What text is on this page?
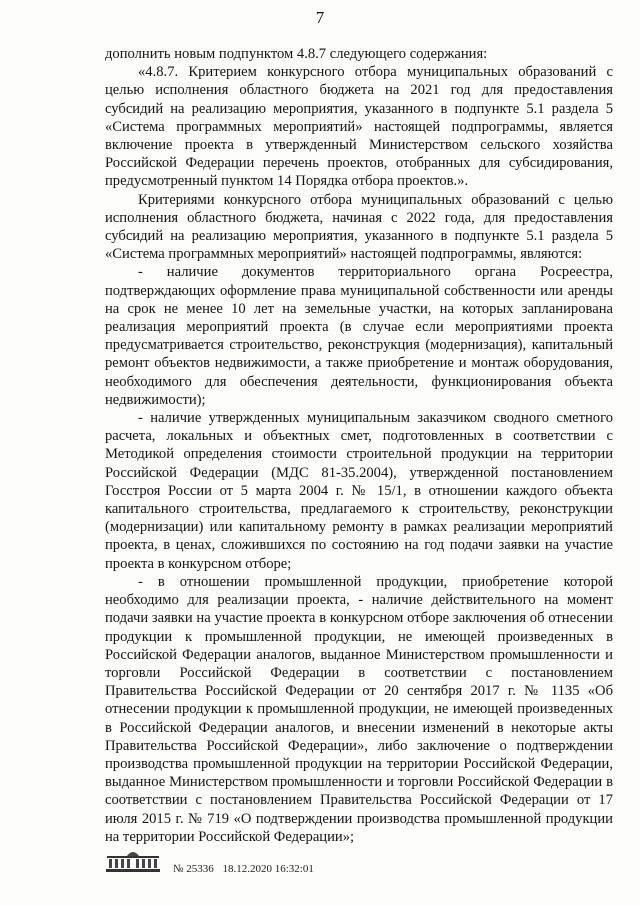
7

дополнить новым подпунктом 4.8.7 следующего содержания:

«4.8.7. Критерием конкурсного отбора муниципальных образований с целью исполнения областного бюджета на 2021 год для предоставления субсидий на реализацию мероприятия, указанного в подпункте 5.1 раздела 5 «Система программных мероприятий» настоящей подпрограммы, является включение проекта в утвержденный Министерством сельского хозяйства Российской Федерации перечень проектов, отобранных для субсидирования, предусмотренный пунктом 14 Порядка отбора проектов.».

Критериями конкурсного отбора муниципальных образований с целью исполнения областного бюджета, начиная с 2022 года, для предоставления субсидий на реализацию мероприятия, указанного в подпункте 5.1 раздела 5 «Система программных мероприятий» настоящей подпрограммы, являются:

- наличие документов территориального органа Росреестра, подтверждающих оформление права муниципальной собственности или аренды на срок не менее 10 лет на земельные участки, на которых запланирована реализация мероприятий проекта (в случае если мероприятиями проекта предусматривается строительство, реконструкция (модернизация), капитальный ремонт объектов недвижимости, а также приобретение и монтаж оборудования, необходимого для обеспечения деятельности, функционирования объекта недвижимости);

- наличие утвержденных муниципальным заказчиком сводного сметного расчета, локальных и объектных смет, подготовленных в соответствии с Методикой определения стоимости строительной продукции на территории Российской Федерации (МДС 81-35.2004), утвержденной постановлением Госстроя России от 5 марта 2004 г. № 15/1, в отношении каждого объекта капитального строительства, предлагаемого к строительству, реконструкции (модернизации) или капитальному ремонту в рамках реализации мероприятий проекта, в ценах, сложившихся по состоянию на год подачи заявки на участие проекта в конкурсном отборе;

- в отношении промышленной продукции, приобретение которой необходимо для реализации проекта, - наличие действительного на момент подачи заявки на участие проекта в конкурсном отборе заключения об отнесении продукции к промышленной продукции, не имеющей произведенных в Российской Федерации аналогов, выданное Министерством промышленности и торговли Российской Федерации в соответствии с постановлением Правительства Российской Федерации от 20 сентября 2017 г. № 1135 «Об отнесении продукции к промышленной продукции, не имеющей произведенных в Российской Федерации аналогов, и внесении изменений в некоторые акты Правительства Российской Федерации», либо заключение о подтверждении производства промышленной продукции на территории Российской Федерации, выданное Министерством промышленности и торговли Российской Федерации в соответствии с постановлением Правительства Российской Федерации от 17 июля 2015 г. № 719 «О подтверждении производства промышленной продукции на территории Российской Федерации»;

№ 25336 18.12.2020 16:32:01
